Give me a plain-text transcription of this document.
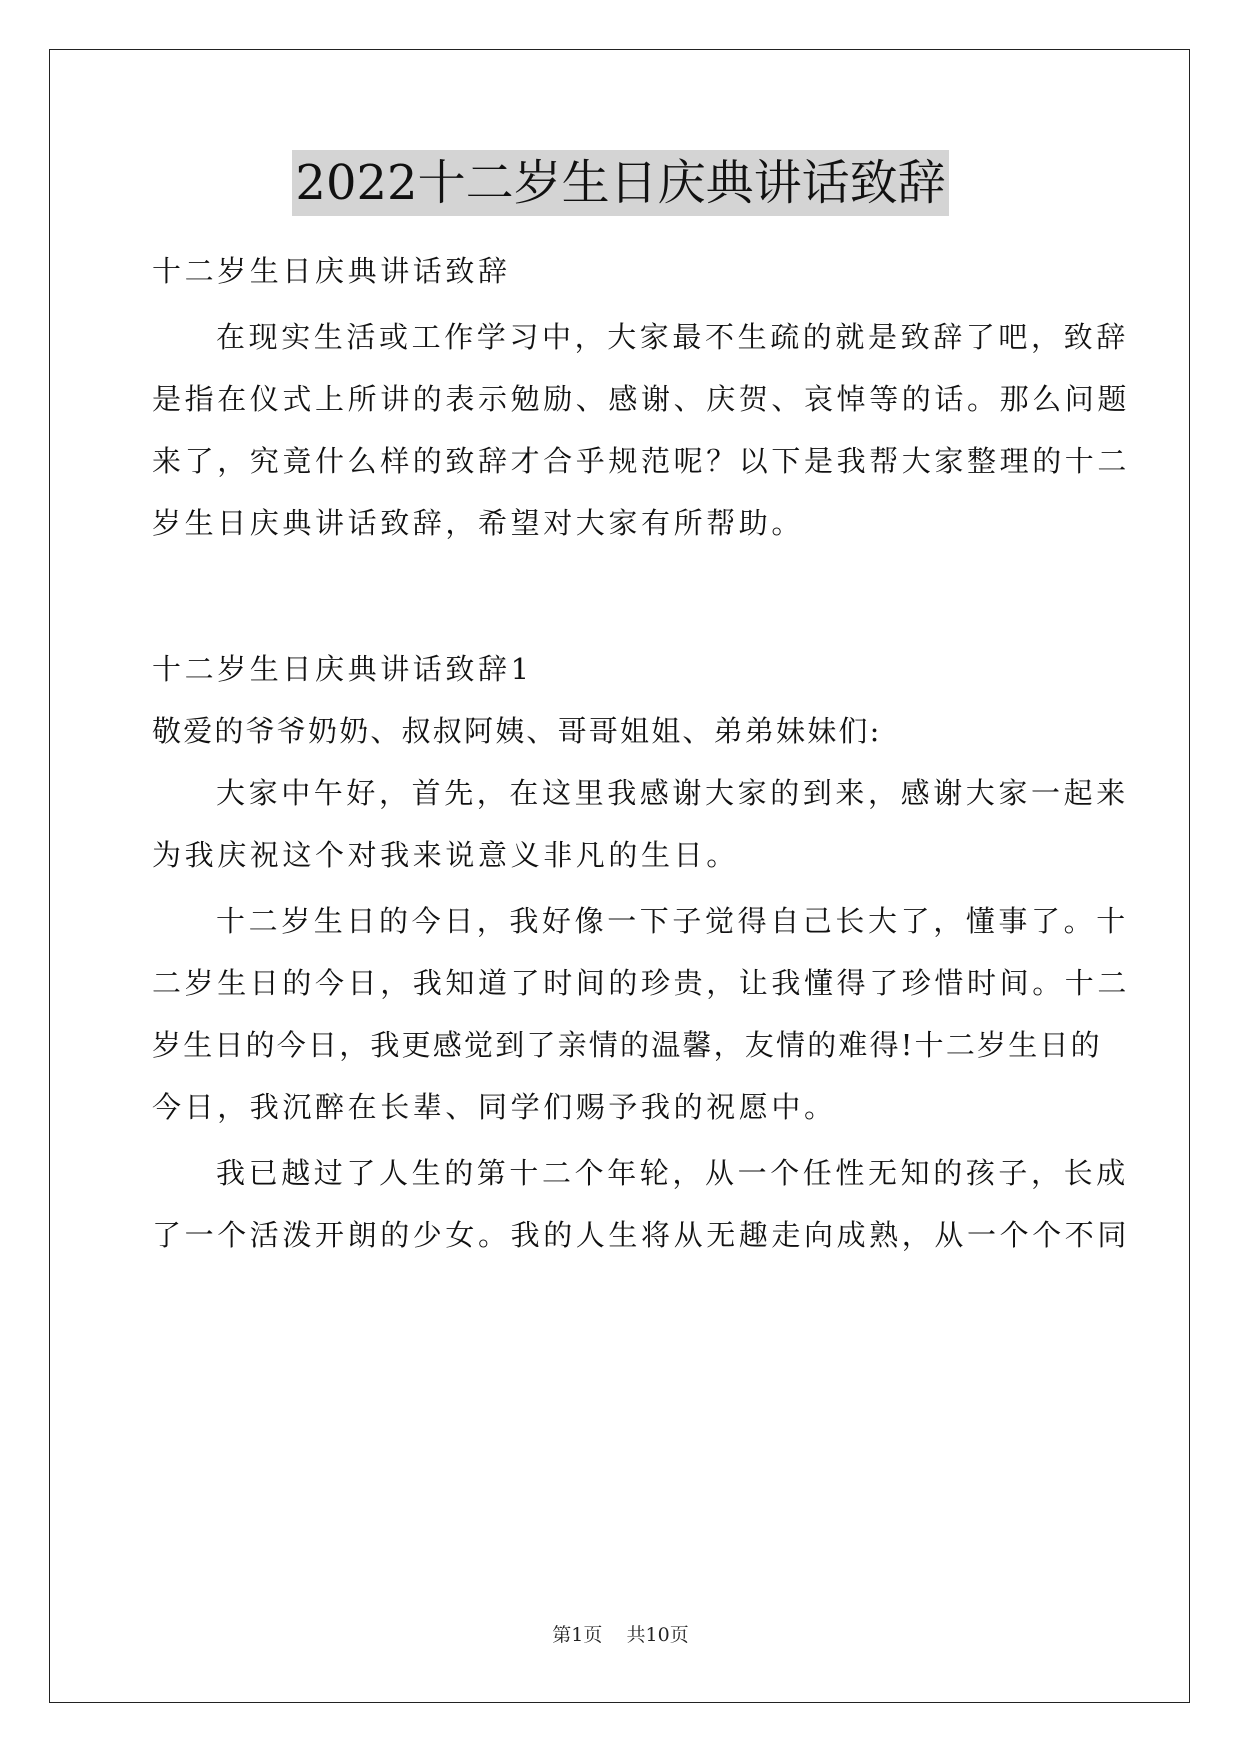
2022十二岁生日庆典讲话致辞
十二岁生日庆典讲话致辞
在现实生活或工作学习中，大家最不生疏的就是致辞了吧，致辞
是指在仪式上所讲的表示勉励、感谢、庆贺、哀悼等的话。那么问题
来了，究竟什么样的致辞才合乎规范呢？以下是我帮大家整理的十二
岁生日庆典讲话致辞，希望对大家有所帮助。
十二岁生日庆典讲话致辞1
敬爱的爷爷奶奶、叔叔阿姨、哥哥姐姐、弟弟妹妹们:
大家中午好，首先，在这里我感谢大家的到来，感谢大家一起来
为我庆祝这个对我来说意义非凡的生日。
十二岁生日的今日，我好像一下子觉得自己长大了，懂事了。十
二岁生日的今日，我知道了时间的珍贵，让我懂得了珍惜时间。十二
岁生日的今日，我更感觉到了亲情的温馨，友情的难得!十二岁生日的
今日，我沉醉在长辈、同学们赐予我的祝愿中。
我已越过了人生的第十二个年轮，从一个任性无知的孩子，长成
了一个活泼开朗的少女。我的人生将从无趣走向成熟，从一个个不同
第1页 共10页
